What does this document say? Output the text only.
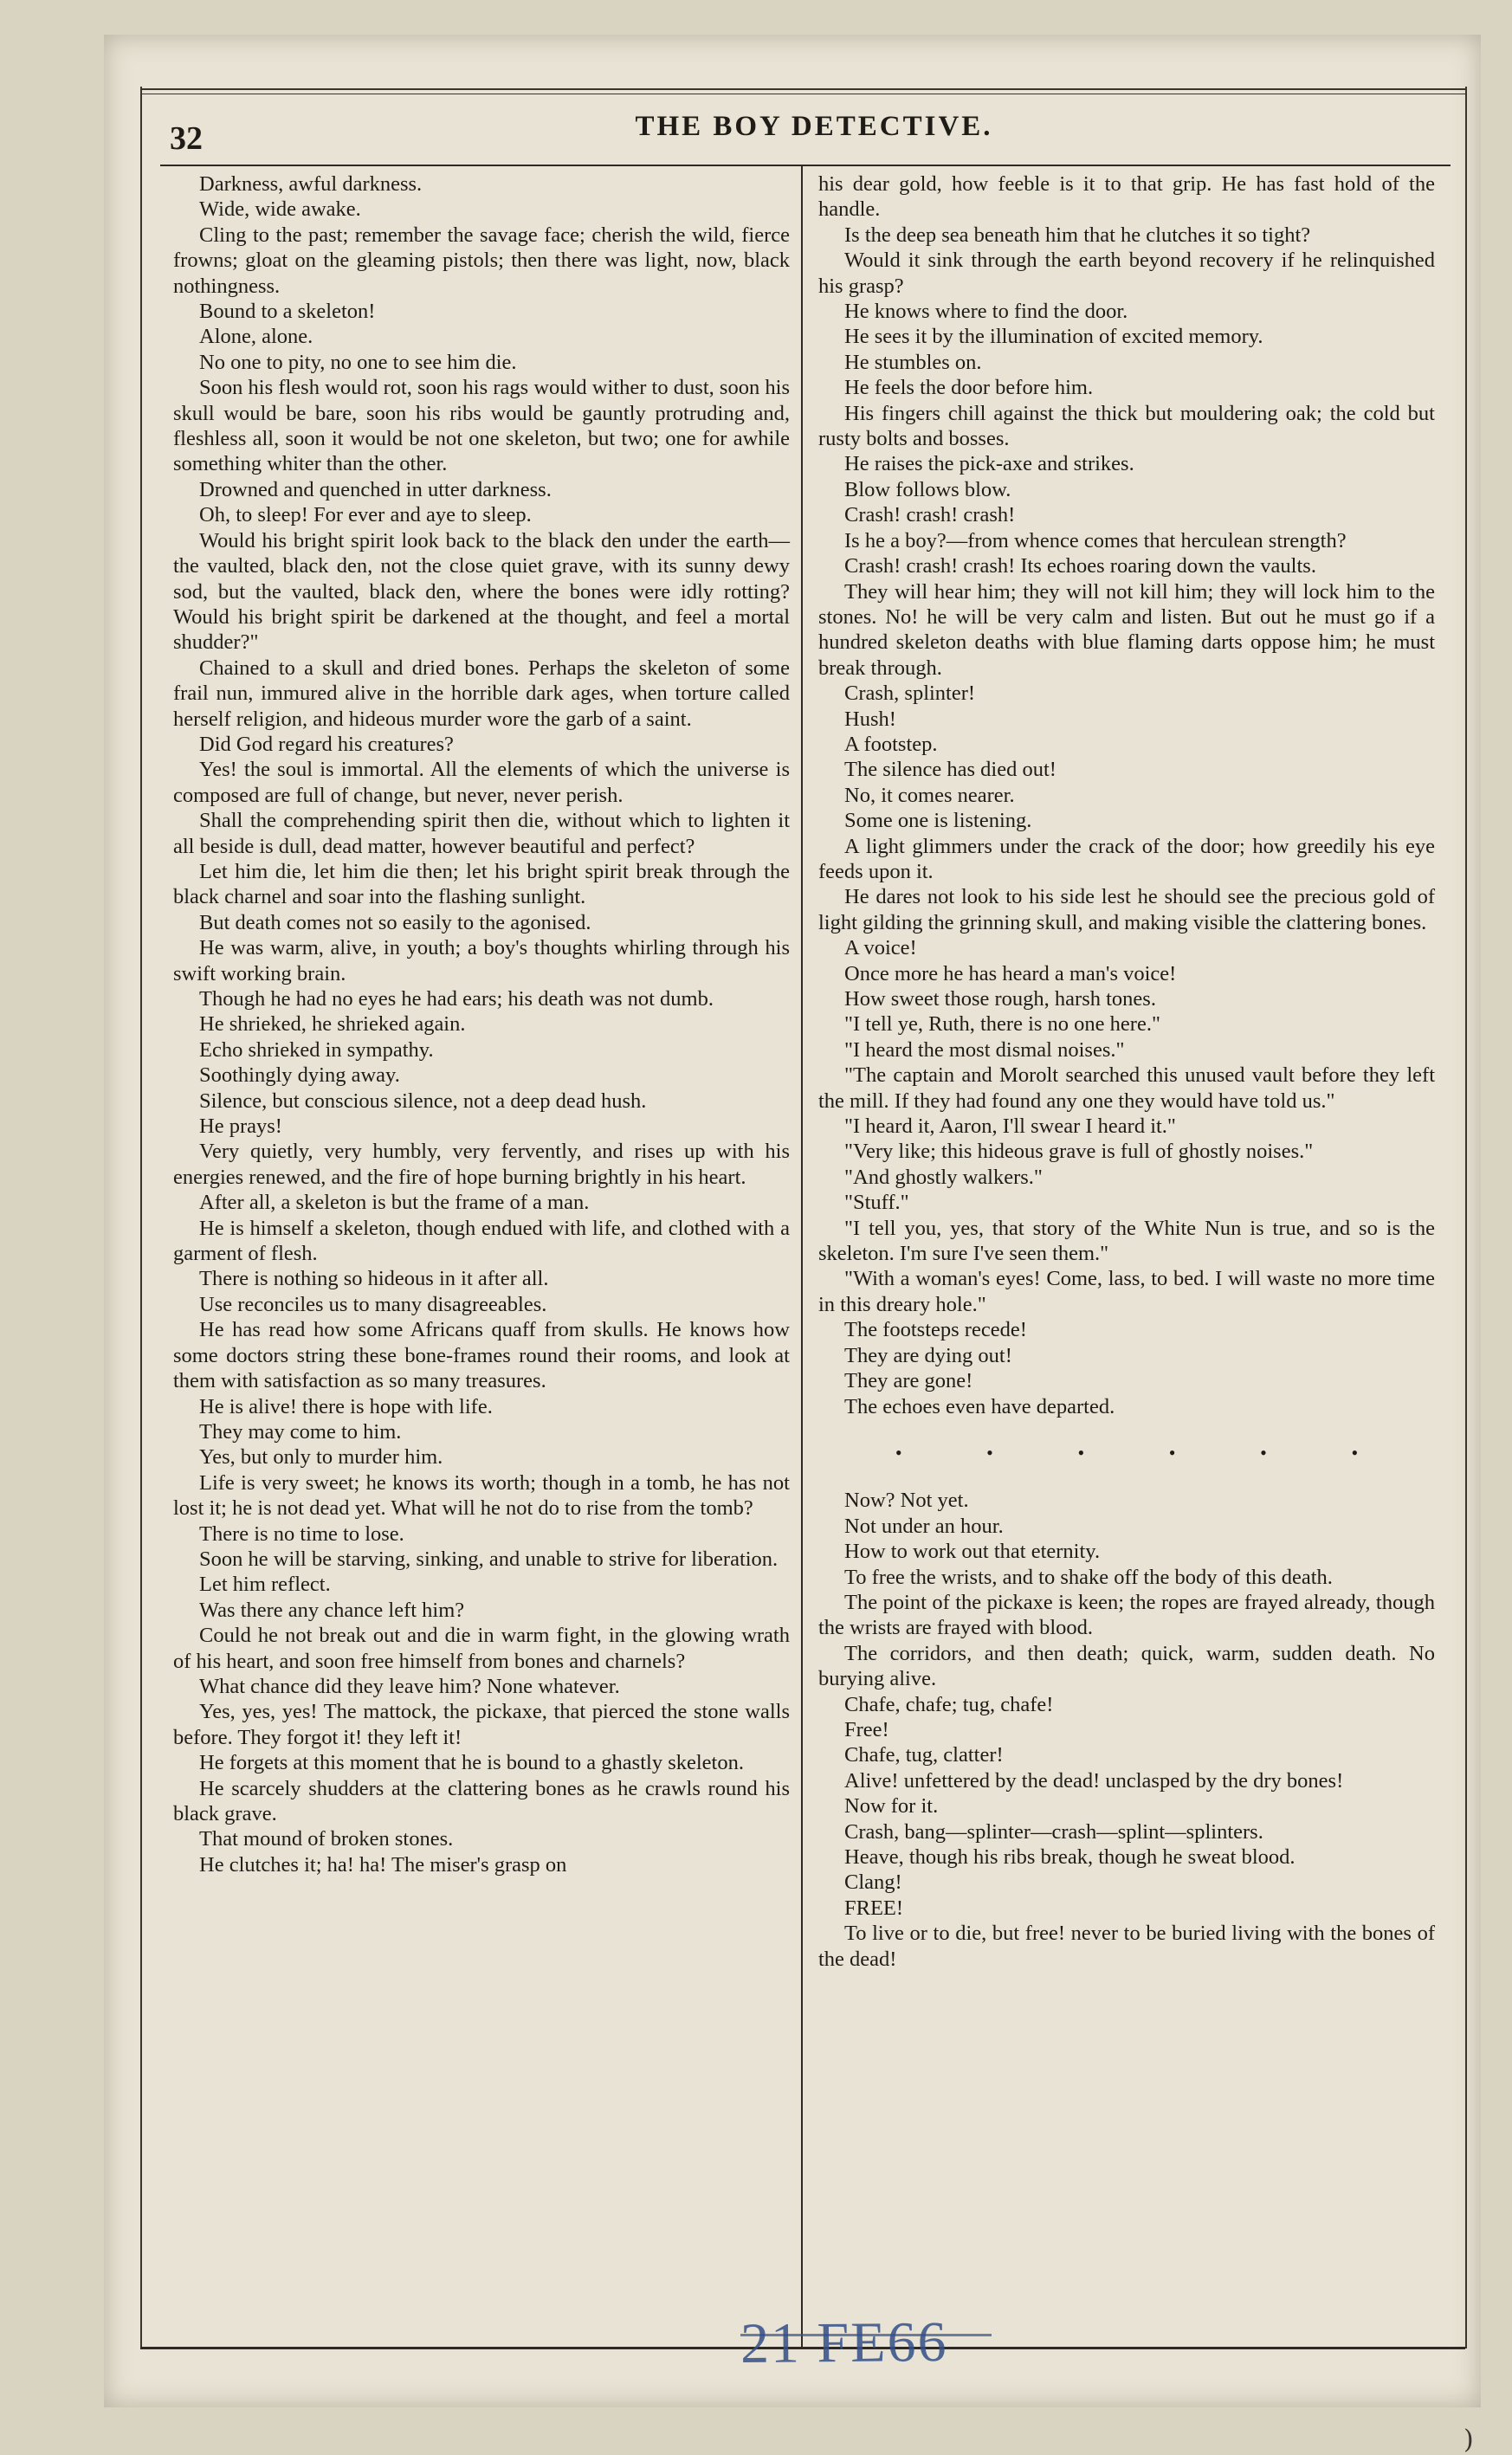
32	THE BOY DETECTIVE.

Darkness, awful darkness.

Wide, wide awake.

Cling to the past; remember the savage face; cherish the wild, fierce frowns; gloat on the gleaming pistols; then there was light, now, black nothingness.

Bound to a skeleton!

Alone, alone.

No one to pity, no one to see him die.

Soon his flesh would rot, soon his rags would wither to dust, soon his skull would be bare, soon his ribs would be gauntly protruding and, fleshless all, soon it would be not one skeleton, but two; one for awhile something whiter than the other.

Drowned and quenched in utter darkness.

Oh, to sleep! For ever and aye to sleep.

Would his bright spirit look back to the black den under the earth—the vaulted, black den, not the close quiet grave, with its sunny dewy sod, but the vaulted, black den, where the bones were idly rotting? Would his bright spirit be darkened at the thought, and feel a mortal shudder?"

Chained to a skull and dried bones. Perhaps the skeleton of some frail nun, immured alive in the horrible dark ages, when torture called herself religion, and hideous murder wore the garb of a saint.

Did God regard his creatures?

Yes! the soul is immortal. All the elements of which the universe is composed are full of change, but never, never perish.

Shall the comprehending spirit then die, without which to lighten it all beside is dull, dead matter, however beautiful and perfect?

Let him die, let him die then; let his bright spirit break through the black charnel and soar into the flashing sunlight.

But death comes not so easily to the agonised.

He was warm, alive, in youth; a boy's thoughts whirling through his swift working brain.

Though he had no eyes he had ears; his death was not dumb.

He shrieked, he shrieked again.

Echo shrieked in sympathy.

Soothingly dying away.

Silence, but conscious silence, not a deep dead hush.

He prays!

Very quietly, very humbly, very fervently, and rises up with his energies renewed, and the fire of hope burning brightly in his heart.

After all, a skeleton is but the frame of a man.

He is himself a skeleton, though endued with life, and clothed with a garment of flesh.

There is nothing so hideous in it after all.

Use reconciles us to many disagreeables.

He has read how some Africans quaff from skulls. He knows how some doctors string these bone-frames round their rooms, and look at them with satisfaction as so many treasures.

He is alive! there is hope with life.

They may come to him.

Yes, but only to murder him.

Life is very sweet; he knows its worth; though in a tomb, he has not lost it; he is not dead yet. What will he not do to rise from the tomb?

There is no time to lose.

Soon he will be starving, sinking, and unable to strive for liberation.

Let him reflect.

Was there any chance left him?

Could he not break out and die in warm fight, in the glowing wrath of his heart, and soon free himself from bones and charnels?

What chance did they leave him? None whatever.

Yes, yes, yes! The mattock, the pickaxe, that pierced the stone walls before. They forgot it! they left it!

He forgets at this moment that he is bound to a ghastly skeleton.

He scarcely shudders at the clattering bones as he crawls round his black grave.

That mound of broken stones.

He clutches it; ha! ha! The miser's grasp on

his dear gold, how feeble is it to that grip. He has fast hold of the handle.

Is the deep sea beneath him that he clutches it so tight?

Would it sink through the earth beyond recovery if he relinquished his grasp?

He knows where to find the door.

He sees it by the illumination of excited memory.

He stumbles on.

He feels the door before him.

His fingers chill against the thick but mouldering oak; the cold but rusty bolts and bosses.

He raises the pick-axe and strikes.

Blow follows blow.

Crash! crash! crash!

Is he a boy?—from whence comes that herculean strength?

Crash! crash! crash! Its echoes roaring down the vaults.

They will hear him; they will not kill him; they will lock him to the stones. No! he will be very calm and listen. But out he must go if a hundred skeleton deaths with blue flaming darts oppose him; he must break through.

Crash, splinter!

Hush!

A footstep.

The silence has died out!

No, it comes nearer.

Some one is listening.

A light glimmers under the crack of the door; how greedily his eye feeds upon it.

He dares not look to his side lest he should see the precious gold of light gilding the grinning skull, and making visible the clattering bones.

A voice!

Once more he has heard a man's voice!

How sweet those rough, harsh tones.

"I tell ye, Ruth, there is no one here."

"I heard the most dismal noises."

"The captain and Morolt searched this unused vault before they left the mill. If they had found any one they would have told us."

"I heard it, Aaron, I'll swear I heard it."

"Very like; this hideous grave is full of ghostly noises."

"And ghostly walkers."

"Stuff."

"I tell you, yes, that story of the White Nun is true, and so is the skeleton. I'm sure I've seen them."

"With a woman's eyes! Come, lass, to bed. I will waste no more time in this dreary hole."

The footsteps recede!

They are dying out!

They are gone!

The echoes even have departed.

•	•	•	•	•	•

Now? Not yet.

Not under an hour.

How to work out that eternity.

To free the wrists, and to shake off the body of this death.

The point of the pickaxe is keen; the ropes are frayed already, though the wrists are frayed with blood.

The corridors, and then death; quick, warm, sudden death. No burying alive.

Chafe, chafe; tug, chafe!

Free!

Chafe, tug, clatter!

Alive! unfettered by the dead! unclasped by the dry bones!

Now for it.

Crash, bang—splinter—crash—splint—splinters.

Heave, though his ribs break, though he sweat blood.

Clang!

FREE!

To live or to die, but free! never to be buried living with the bones of the dead!

21 FE66
)
